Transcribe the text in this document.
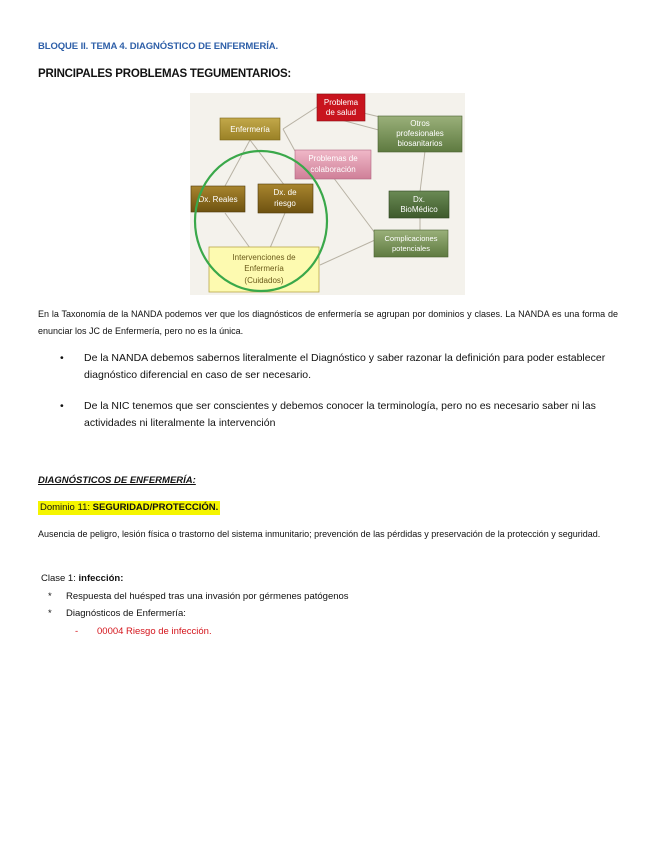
BLOQUE II. TEMA 4. DIAGNÓSTICO DE ENFERMERÍA.
PRINCIPALES PROBLEMAS TEGUMENTARIOS:
Problema
de salud
Enfermería
Otros
profesionales
biosanitarios
Problemas de
colaboración
Dx. Reales
Dx. de
riesgo	Dx.
BioMédico
Complicaciones
potenciales
Intervenciones de
Enfermería
(Cuidados)
En la Taxonomía de la NANDA podemos ver que los diagnósticos de enfermería se agrupan por dominios y clases. La NANDA es una forma de enunciar los JC de Enfermería, pero no es la única.
• De la NANDA debemos sabernos literalmente el Diagnóstico y saber razonar la definición para poder establecer diagnóstico diferencial en caso de ser necesario.
• De la NIC tenemos que ser conscientes y debemos conocer la terminología, pero no es necesario saber ni las actividades ni literalmente la intervención
DIAGNÓSTICOS DE ENFERMERÍA:
Dominio 11: SEGURIDAD/PROTECCIÓN.
Ausencia de peligro, lesión física o trastorno del sistema inmunitario; prevención de las pérdidas y preservación de la protección y seguridad.
Clase 1: infección:
* Respuesta del huésped tras una invasión por gérmenes patógenos
* Diagnósticos de Enfermería:
- 00004 Riesgo de infección.
